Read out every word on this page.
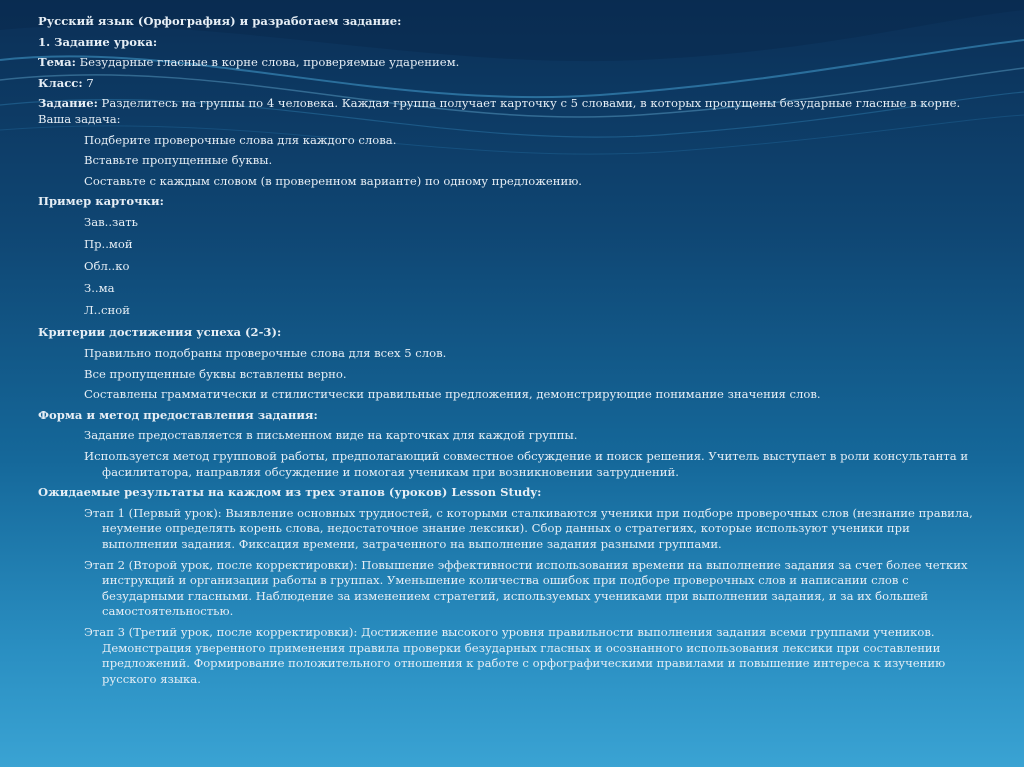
Русский язык (Орфография) и разработаем задание:
1. Задание урока:
Тема: Безударные гласные в корне слова, проверяемые ударением.
Класс: 7
Задание: Разделитесь на группы по 4 человека. Каждая группа получает карточку с 5 словами, в которых пропущены безударные гласные в корне. Ваша задача:
Подберите проверочные слова для каждого слова.
Вставьте пропущенные буквы.
Составьте с каждым словом (в проверенном варианте) по одному предложению.
Пример карточки:
Зав..зать
Пр..мой
Обл..ко
З..ма
Л..сной
Критерии достижения успеха (2-3):
Правильно подобраны проверочные слова для всех 5 слов.
Все пропущенные буквы вставлены верно.
Составлены грамматически и стилистически правильные предложения, демонстрирующие понимание значения слов.
Форма и метод предоставления задания:
Задание предоставляется в письменном виде на карточках для каждой группы.
Используется метод групповой работы, предполагающий совместное обсуждение и поиск решения. Учитель выступает в роли консультанта и фасилитатора, направляя обсуждение и помогая ученикам при возникновении затруднений.
Ожидаемые результаты на каждом из трех этапов (уроков) Lesson Study:
Этап 1 (Первый урок): Выявление основных трудностей, с которыми сталкиваются ученики при подборе проверочных слов (незнание правила, неумение определять корень слова, недостаточное знание лексики). Сбор данных о стратегиях, которые используют ученики при выполнении задания. Фиксация времени, затраченного на выполнение задания разными группами.
Этап 2 (Второй урок, после корректировки): Повышение эффективности использования времени на выполнение задания за счет более четких инструкций и организации работы в группах. Уменьшение количества ошибок при подборе проверочных слов и написании слов с безударными гласными. Наблюдение за изменением стратегий, используемых учениками при выполнении задания, и за их большей самостоятельностью.
Этап 3 (Третий урок, после корректировки): Достижение высокого уровня правильности выполнения задания всеми группами учеников. Демонстрация уверенного применения правила проверки безударных гласных и осознанного использования лексики при составлении предложений. Формирование положительного отношения к работе с орфографическими правилами и повышение интереса к изучению русского языка.
